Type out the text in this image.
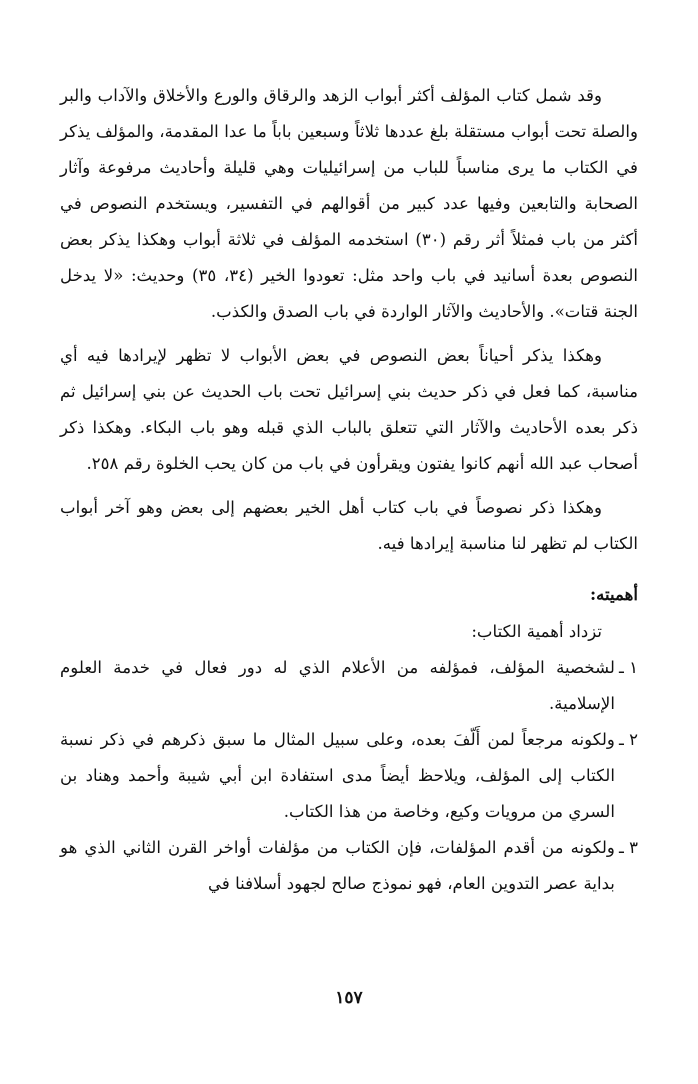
وقد شمل كتاب المؤلف أكثر أبواب الزهد والرقاق والورع والأخلاق والآداب والبر والصلة تحت أبواب مستقلة بلغ عددها ثلاثاً وسبعين باباً ما عدا المقدمة، والمؤلف يذكر في الكتاب ما يرى مناسباً للباب من إسرائيليات وهي قليلة وأحاديث مرفوعة وآثار الصحابة والتابعين وفيها عدد كبير من أقوالهم في التفسير، ويستخدم النصوص في أكثر من باب فمثلاً أثر رقم (٣٠) استخدمه المؤلف في ثلاثة أبواب وهكذا يذكر بعض النصوص بعدة أسانيد في باب واحد مثل: تعودوا الخير (٣٤، ٣٥) وحديث: «لا يدخل الجنة قتات». والأحاديث والآثار الواردة في باب الصدق والكذب.

وهكذا يذكر أحياناً بعض النصوص في بعض الأبواب لا تظهر لإيرادها فيه أي مناسبة، كما فعل في ذكر حديث بني إسرائيل تحت باب الحديث عن بني إسرائيل ثم ذكر بعده الأحاديث والآثار التي تتعلق بالباب الذي قبله وهو باب البكاء. وهكذا ذكر أصحاب عبد الله أنهم كانوا يفتون ويقرأون في باب من كان يحب الخلوة رقم ٢٥٨.

وهكذا ذكر نصوصاً في باب كتاب أهل الخير بعضهم إلى بعض وهو آخر أبواب الكتاب لم تظهر لنا مناسبة إيرادها فيه.

أهميته:

تزداد أهمية الكتاب:

١ ـ
لشخصية المؤلف، فمؤلفه من الأعلام الذي له دور فعال في خدمة العلوم الإسلامية.
٢ ـ
ولكونه مرجعاً لمن أَلّفَ بعده، وعلى سبيل المثال ما سبق ذكرهم في ذكر نسبة الكتاب إلى المؤلف، ويلاحظ أيضاً مدى استفادة ابن أبي شيبة وأحمد وهناد بن السري من مرويات وكيع، وخاصة من هذا الكتاب.
٣ ـ
ولكونه من أقدم المؤلفات، فإن الكتاب من مؤلفات أواخر القرن الثاني الذي هو بداية عصر التدوين العام، فهو نموذج صالح لجهود أسلافنا في
١٥٧
